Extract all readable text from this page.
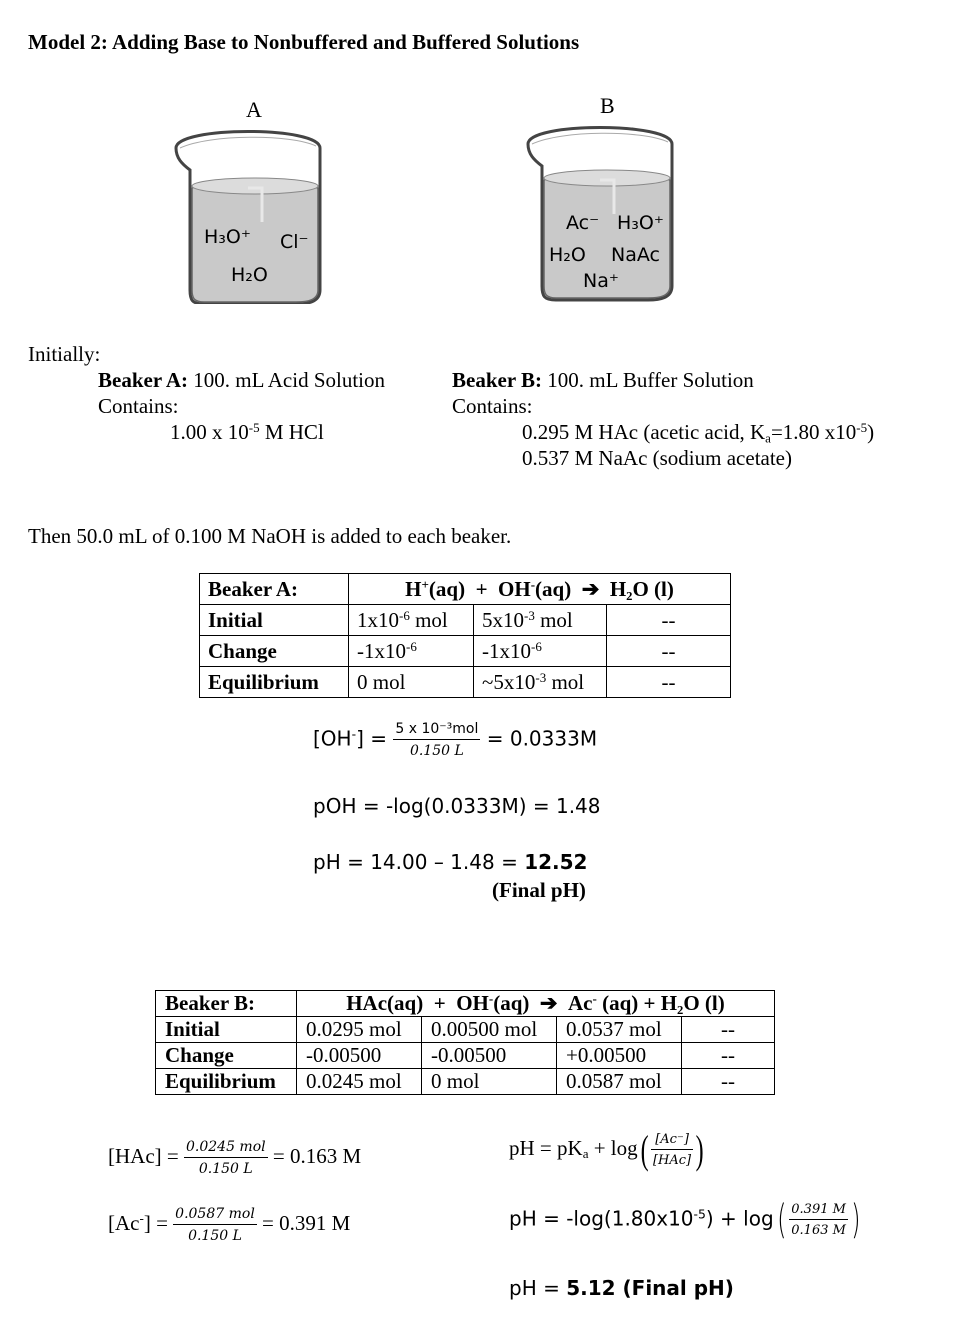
Model 2: Adding Base to Nonbuffered and Buffered Solutions
A
H₃O⁺ Cl⁻
H₂O
B
Ac⁻ H₃O⁺
H₂O NaAc
Na⁺
Initially:
Beaker A: 100. mL Acid Solution
Contains:
1.00 x $10^{-5}$ M HCl
Beaker B: 100. mL Buffer Solution
Contains:
0.295 M HAc (acetic acid, $K_a=1.80$ $x10^{-5}$)
0.537 M NaAc (sodium acetate)
Then 50.0 mL of 0.100 M NaOH is added to each beaker.
Beaker A:	H+(aq) + OH-(aq) ➔ H₂O (l)		
Initial	$1x10^{-6}$ mol	$5x10^{-3}$ mol	--
Change	$-1x10^{-6}$	$-1x10^{-6}$	--
Equilibrium	0 mol	$\sim 5x10^{-3}$ mol	--
$[OH^-] = \frac{\text{5 x 10⁻³mol}}{0.150 L} = 0.0333M$
pOH = -log(0.0333M) = 1.48
pH = 14.00 – 1.48 = 12.52
(Final pH)
Beaker B:	HAc(aq) + OH-(aq) ➔ Ac- (aq) + H₂O (l)			
Initial	0.0295 mol	0.00500 mol	0.0537 mol	--
Change	-0.00500	-0.00500	+0.00500	--
Equilibrium	0.0245 mol	0 mol	0.0587 mol	--
$[HAc] = \frac{\text{0.0245 mol}}{0.150 L} = 0.163$ M
$[Ac^-] = \frac{\text{0.0587 mol}}{0.150 L} = 0.391$ M
pH = $pK_a + \log( \frac{[Ac^-]}{\text{[HAc]}}$ )
pH = $-\log(1.80x10^{-5}) + \log( \frac{0.391 M}{0.163 M}$ )
pH = 5.12 (Final pH)
